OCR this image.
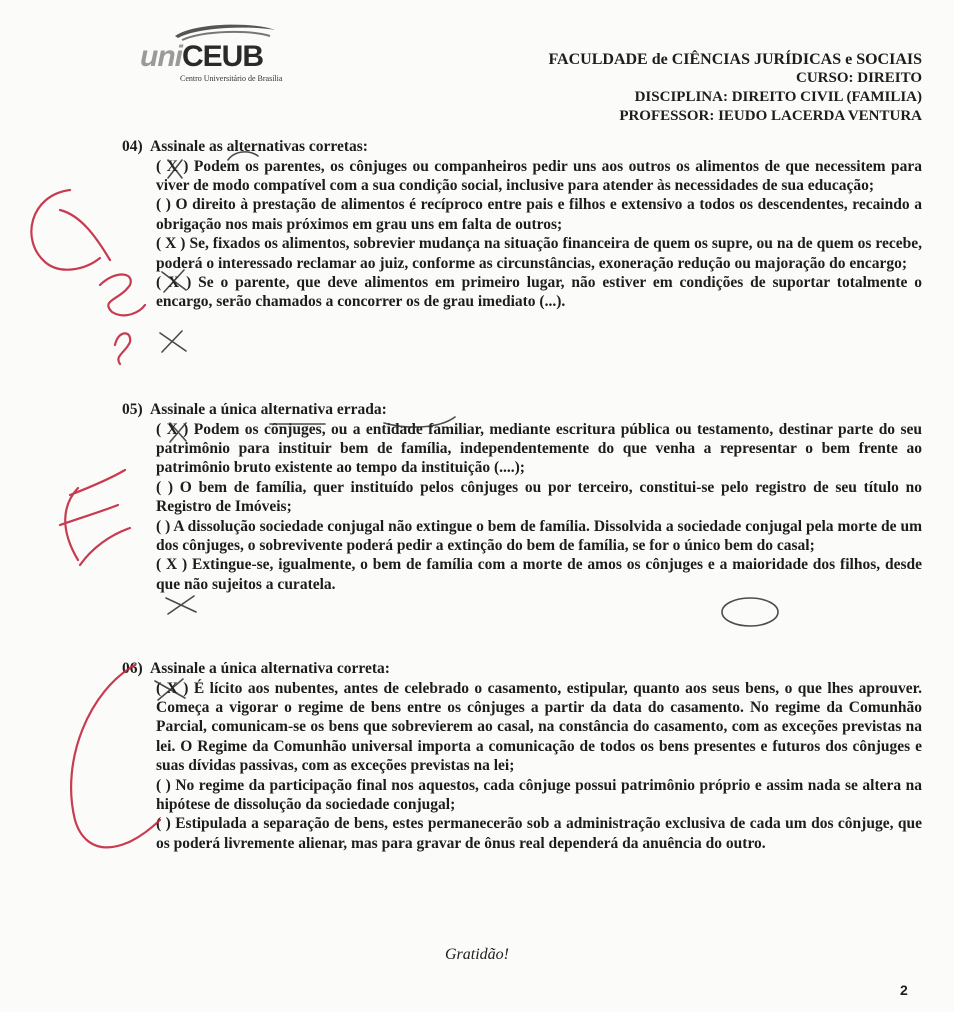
uniCEUB
Centro Universitário de Brasília
FACULDADE de CIÊNCIAS JURÍDICAS e SOCIAIS
CURSO: DIREITO
DISCIPLINA: DIREITO CIVIL (FAMILIA)
PROFESSOR: IEUDO LACERDA VENTURA
04) Assinale as alternativas corretas:

( X ) Podem os parentes, os cônjuges ou companheiros pedir uns aos outros os alimentos de que necessitem para viver de modo compatível com a sua condição social, inclusive para atender às necessidades de sua educação;

( ) O direito à prestação de alimentos é recíproco entre pais e filhos e extensivo a todos os descendentes, recaindo a obrigação nos mais próximos em grau uns em falta de outros;

( X ) Se, fixados os alimentos, sobrevier mudança na situação financeira de quem os supre, ou na de quem os recebe, poderá o interessado reclamar ao juiz, conforme as circunstâncias, exoneração redução ou majoração do encargo;

( X ) Se o parente, que deve alimentos em primeiro lugar, não estiver em condições de suportar totalmente o encargo, serão chamados a concorrer os de grau imediato (...).

05) Assinale a única alternativa errada:

( X ) Podem os cônjuges, ou a entidade familiar, mediante escritura pública ou testamento, destinar parte do seu patrimônio para instituir bem de família, independentemente do que venha a representar o bem frente ao patrimônio bruto existente ao tempo da instituição (....);

( ) O bem de família, quer instituído pelos cônjuges ou por terceiro, constitui-se pelo registro de seu título no Registro de Imóveis;

( ) A dissolução sociedade conjugal não extingue o bem de família. Dissolvida a sociedade conjugal pela morte de um dos cônjuges, o sobrevivente poderá pedir a extinção do bem de família, se for o único bem do casal;

( X ) Extingue-se, igualmente, o bem de família com a morte de amos os cônjuges e a maioridade dos filhos, desde que não sujeitos a curatela.

06) Assinale a única alternativa correta:

( X ) É lícito aos nubentes, antes de celebrado o casamento, estipular, quanto aos seus bens, o que lhes aprouver. Começa a vigorar o regime de bens entre os cônjuges a partir da data do casamento. No regime da Comunhão Parcial, comunicam-se os bens que sobrevierem ao casal, na constância do casamento, com as exceções previstas na lei. O Regime da Comunhão universal importa a comunicação de todos os bens presentes e futuros dos cônjuges e suas dívidas passivas, com as exceções previstas na lei;

( ) No regime da participação final nos aquestos, cada cônjuge possui patrimônio próprio e assim nada se altera na hipótese de dissolução da sociedade conjugal;

( ) Estipulada a separação de bens, estes permanecerão sob a administração exclusiva de cada um dos cônjuge, que os poderá livremente alienar, mas para gravar de ônus real dependerá da anuência do outro.

Gratidão!
2
